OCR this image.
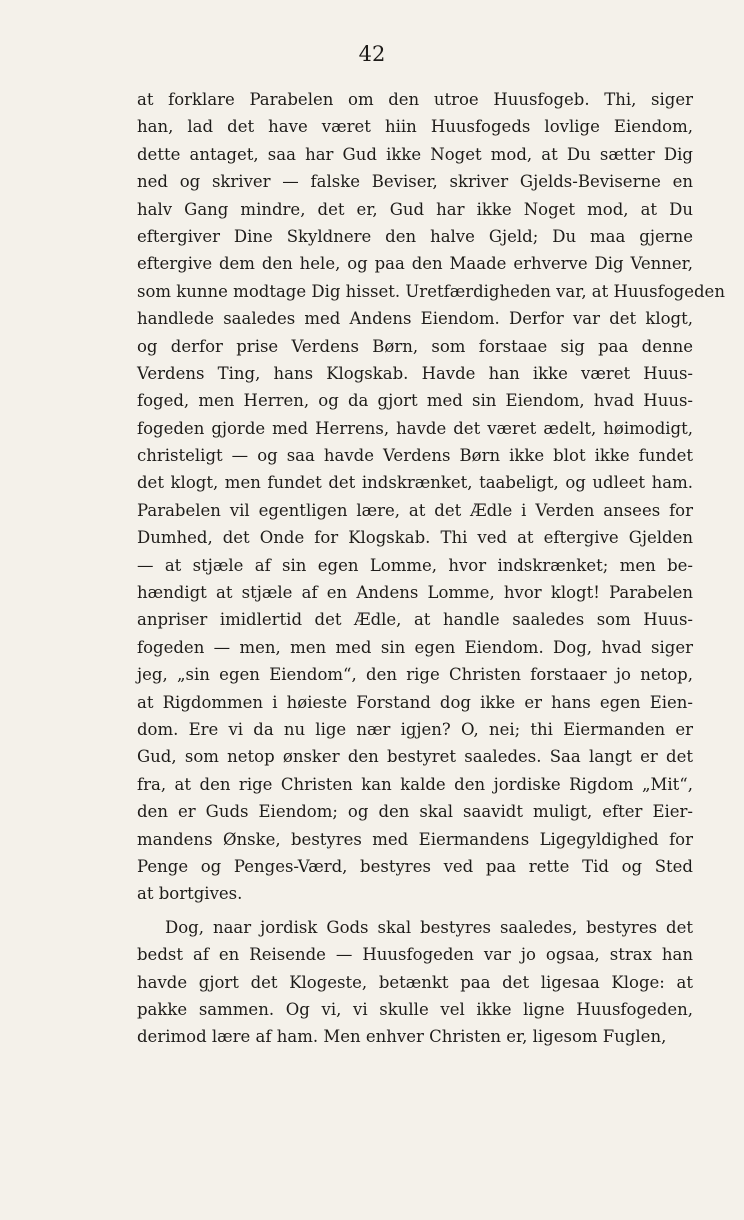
42
at forklare Parabelen om den utroe Huusfogeb. Thi, siger
han, lad det have været hiin Huusfogeds lovlige Eiendom,
dette antaget, saa har Gud ikke Noget mod, at Du sætter Dig
ned og skriver — falske Beviser, skriver Gjelds-Beviserne en
halv Gang mindre, det er, Gud har ikke Noget mod, at Du
eftergiver Dine Skyldnere den halve Gjeld; Du maa gjerne
eftergive dem den hele, og paa den Maade erhverve Dig Venner,
som kunne modtage Dig hisset. Uretfærdigheden var, at Huusfogeden
handlede saaledes med Andens Eiendom. Derfor var det klogt,
og derfor prise Verdens Børn, som forstaae sig paa denne
Verdens Ting, hans Klogskab. Havde han ikke været Huus-
foged, men Herren, og da gjort med sin Eiendom, hvad Huus-
fogeden gjorde med Herrens, havde det været ædelt, høimodigt,
christeligt — og saa havde Verdens Børn ikke blot ikke fundet
det klogt, men fundet det indskrænket, taabeligt, og udleet ham.
Parabelen vil egentligen lære, at det Ædle i Verden ansees for
Dumhed, det Onde for Klogskab. Thi ved at eftergive Gjelden
— at stjæle af sin egen Lomme, hvor indskrænket; men be-
hændigt at stjæle af en Andens Lomme, hvor klogt! Parabelen
anpriser imidlertid det Ædle, at handle saaledes som Huus-
fogeden — men, men med sin egen Eiendom. Dog, hvad siger
jeg, „sin egen Eiendom“, den rige Christen forstaaer jo netop,
at Rigdommen i høieste Forstand dog ikke er hans egen Eien-
dom. Ere vi da nu lige nær igjen? O, nei; thi Eiermanden er
Gud, som netop ønsker den bestyret saaledes. Saa langt er det
fra, at den rige Christen kan kalde den jordiske Rigdom „Mit“,
den er Guds Eiendom; og den skal saavidt muligt, efter Eier-
mandens Ønske, bestyres med Eiermandens Ligegyldighed for
Penge og Penges-Værd, bestyres ved paa rette Tid og Sted
at bortgives.
Dog, naar jordisk Gods skal bestyres saaledes, bestyres det
bedst af en Reisende — Huusfogeden var jo ogsaa, strax han
havde gjort det Klogeste, betænkt paa det ligesaa Kloge: at
pakke sammen. Og vi, vi skulle vel ikke ligne Huusfogeden,
derimod lære af ham. Men enhver Christen er, ligesom Fuglen,
